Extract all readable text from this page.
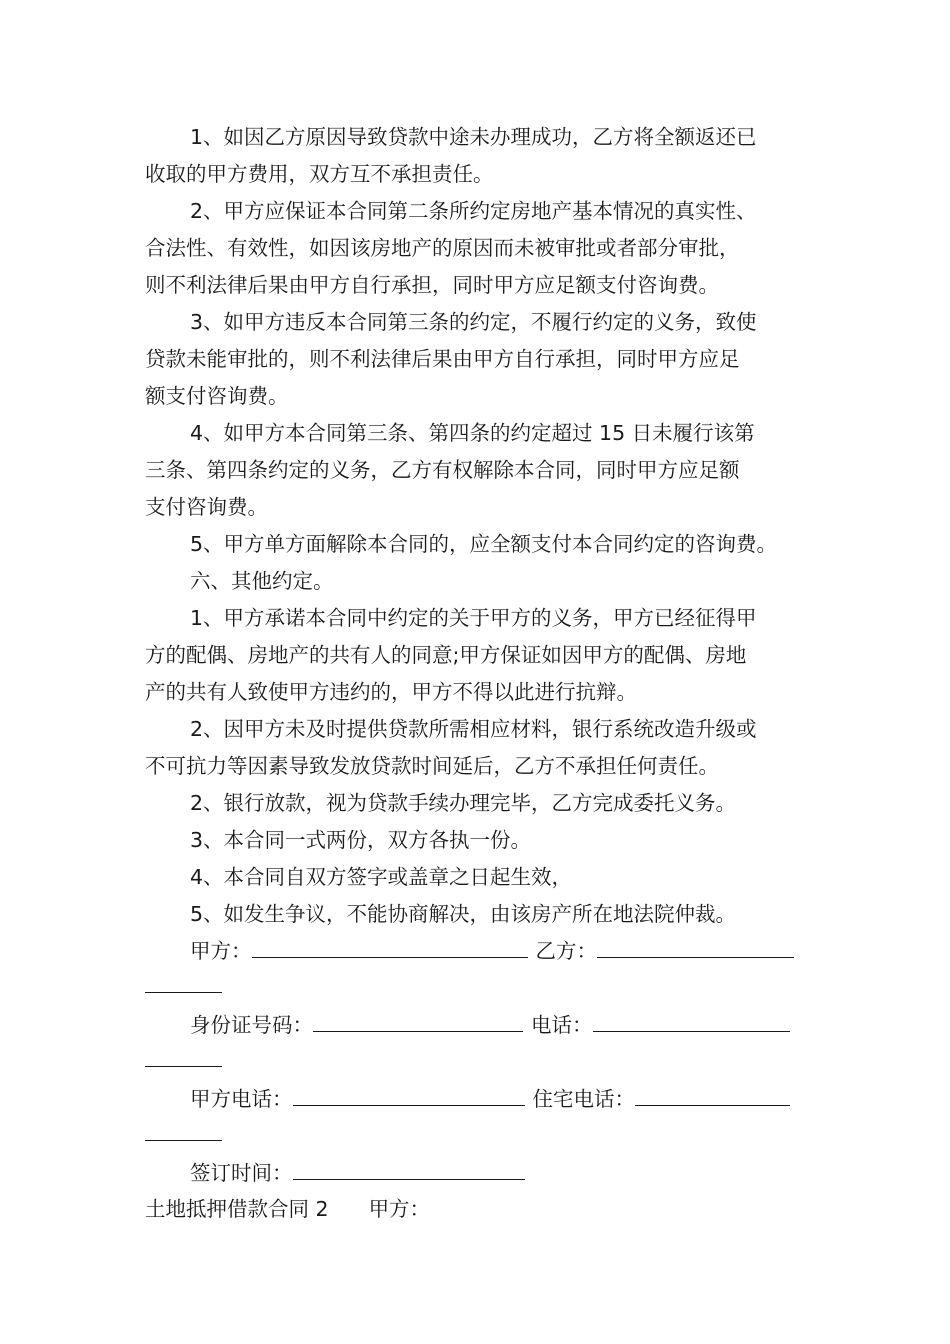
1、如因乙方原因导致贷款中途未办理成功，乙方将全额返还已
收取的甲方费用，双方互不承担责任。
2、甲方应保证本合同第二条所约定房地产基本情况的真实性、
合法性、有效性，如因该房地产的原因而未被审批或者部分审批，
则不利法律后果由甲方自行承担，同时甲方应足额支付咨询费。
3、如甲方违反本合同第三条的约定，不履行约定的义务，致使
贷款未能审批的，则不利法律后果由甲方自行承担，同时甲方应足
额支付咨询费。
4、如甲方本合同第三条、第四条的约定超过 15 日未履行该第
三条、第四条约定的义务，乙方有权解除本合同，同时甲方应足额
支付咨询费。
5、甲方单方面解除本合同的，应全额支付本合同约定的咨询费。
六、其他约定。
1、甲方承诺本合同中约定的关于甲方的义务，甲方已经征得甲
方的配偶、房地产的共有人的同意;甲方保证如因甲方的配偶、房地
产的共有人致使甲方违约的，甲方不得以此进行抗辩。
2、因甲方未及时提供贷款所需相应材料，银行系统改造升级或
不可抗力等因素导致发放贷款时间延后，乙方不承担任何责任。
2、银行放款，视为贷款手续办理完毕，乙方完成委托义务。
3、本合同一式两份，双方各执一份。
4、本合同自双方签字或盖章之日起生效，
5、如发生争议，不能协商解决，由该房产所在地法院仲裁。
甲方：	乙方：
身份证号码：	电话：
甲方电话：	住宅电话：
签订时间：
土地抵押借款合同 2 甲方：
